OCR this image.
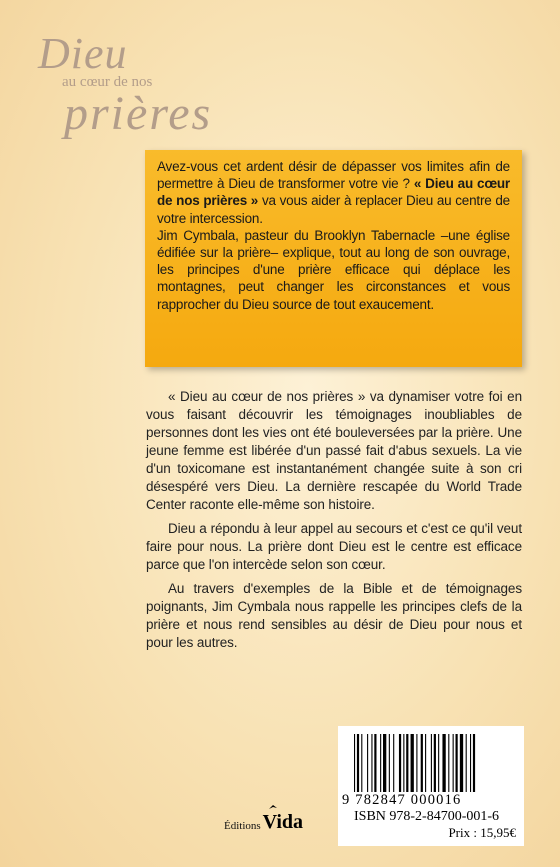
Dieu
au cœur de nos
prières

Avez-vous cet ardent désir de dépasser vos limites afin de permettre à Dieu de transformer votre vie ? « Dieu au cœur de nos prières » va vous aider à replacer Dieu au centre de votre intercession.

Jim Cymbala, pasteur du Brooklyn Tabernacle –une église édifiée sur la prière– explique, tout au long de son ouvrage, les principes d'une prière efficace qui déplace les montagnes, peut changer les circonstances et vous rapprocher du Dieu source de tout exaucement.

« Dieu au cœur de nos prières » va dynamiser votre foi en vous faisant découvrir les témoignages inoubliables de personnes dont les vies ont été bouleversées par la prière. Une jeune femme est libérée d'un passé fait d'abus sexuels. La vie d'un toxicomane est instantanément changée suite à son cri désespéré vers Dieu. La dernière rescapée du World Trade Center raconte elle-même son histoire.

Dieu a répondu à leur appel au secours et c'est ce qu'il veut faire pour nous. La prière dont Dieu est le centre est efficace parce que l'on intercède selon son cœur.

Au travers d'exemples de la Bible et de témoignages poignants, Jim Cymbala nous rappelle les principes clefs de la prière et nous rend sensibles au désir de Dieu pour nous et pour les autres.

Éditions Vida
9 782847 000016
ISBN 978-2-84700-001-6
Prix : 15,95€
